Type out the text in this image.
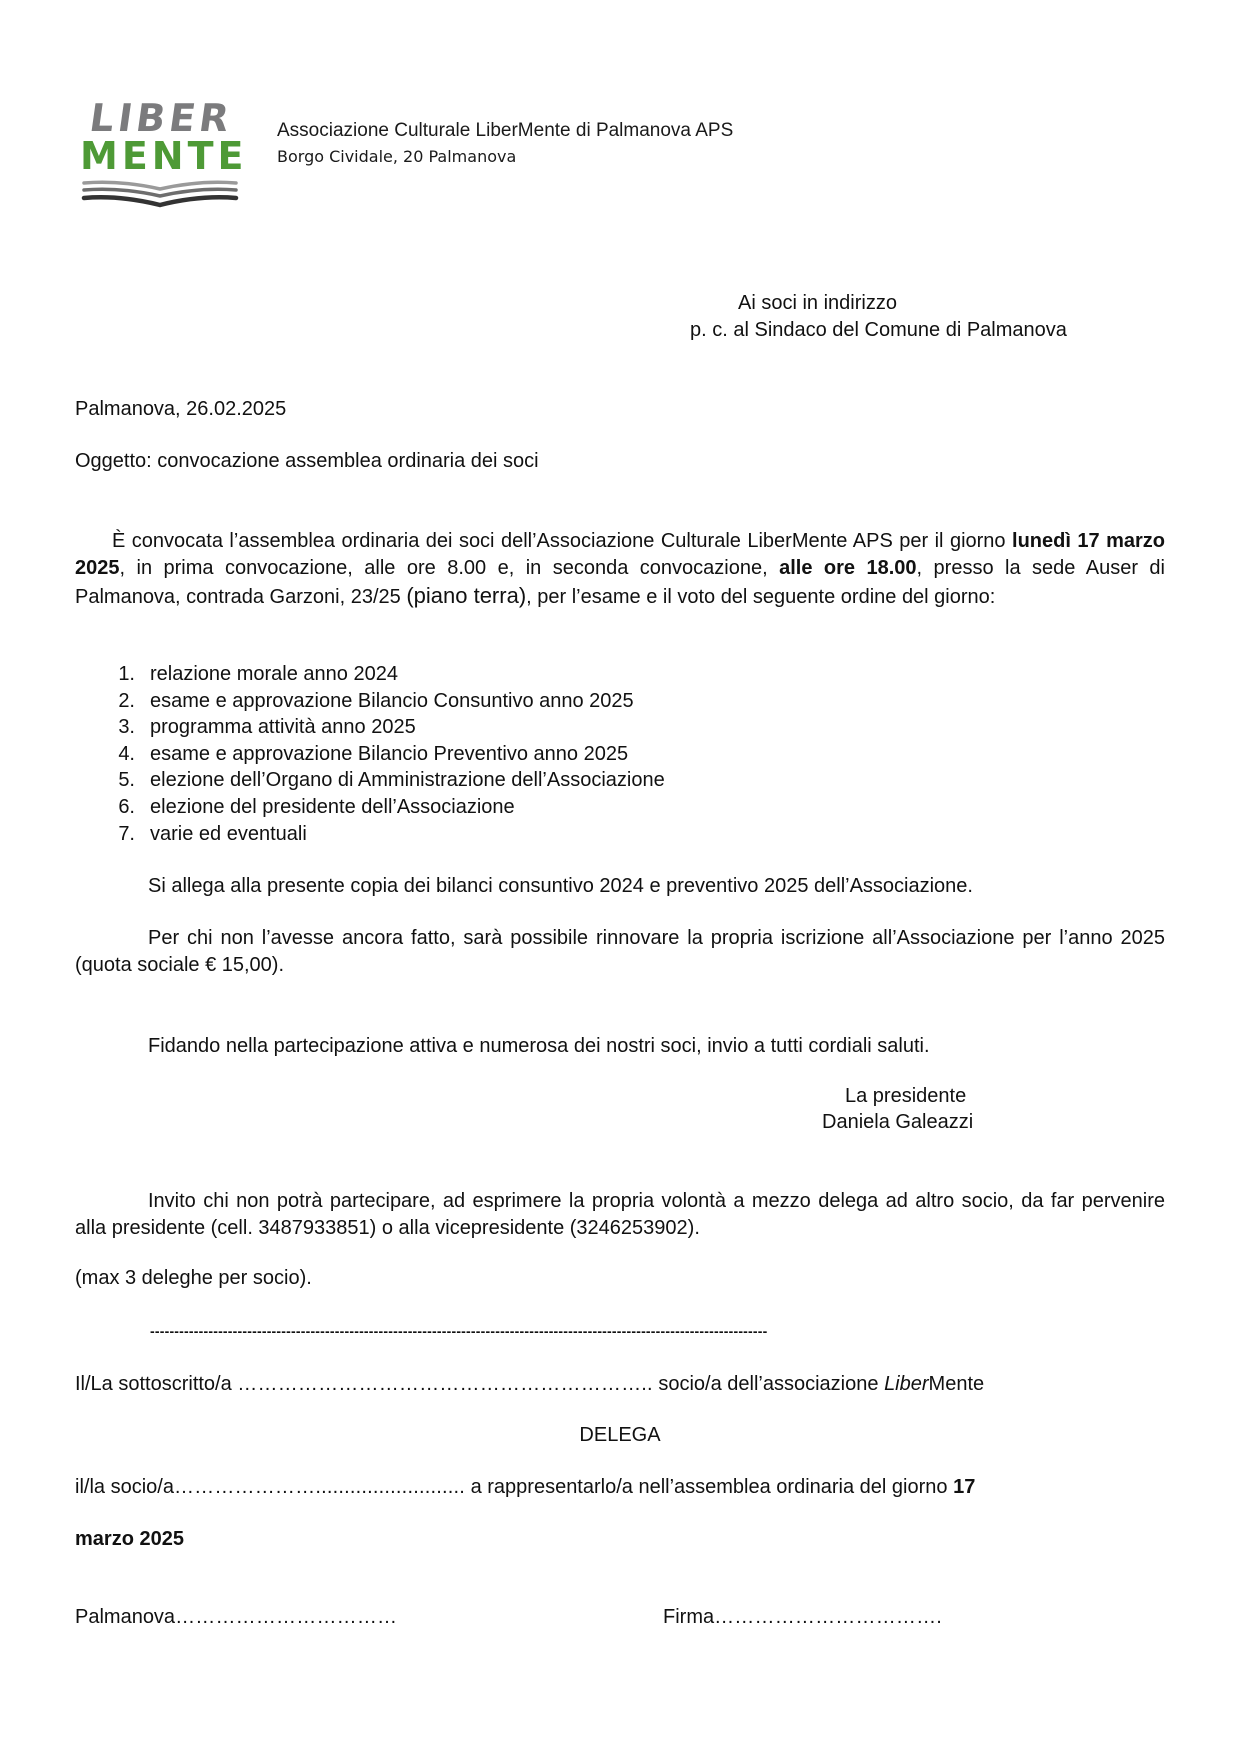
LIBER
MENTE
Associazione Culturale LiberMente di Palmanova APS
Borgo Cividale, 20 Palmanova
Ai soci in indirizzo
p. c. al Sindaco del Comune di Palmanova
Palmanova, 26.02.2025
Oggetto: convocazione assemblea ordinaria dei soci
È convocata l’assemblea ordinaria dei soci dell’Associazione Culturale LiberMente APS per il giorno lunedì 17 marzo 2025, in prima convocazione, alle ore 8.00 e, in seconda convocazione, alle ore 18.00, presso la sede Auser di Palmanova, contrada Garzoni, 23/25 (piano terra), per l’esame e il voto del seguente ordine del giorno:
1. relazione morale anno 2024
2. esame e approvazione Bilancio Consuntivo anno 2025
3. programma attività anno 2025
4. esame e approvazione Bilancio Preventivo anno 2025
5. elezione dell’Organo di Amministrazione dell’Associazione
6. elezione del presidente dell’Associazione
7. varie ed eventuali
Si allega alla presente copia dei bilanci consuntivo 2024 e preventivo 2025 dell’Associazione.
Per chi non l’avesse ancora fatto, sarà possibile rinnovare la propria iscrizione all’Associazione per l’anno 2025 (quota sociale € 15,00).
Fidando nella partecipazione attiva e numerosa dei nostri soci, invio a tutti cordiali saluti.
La presidente
Daniela Galeazzi
Invito chi non potrà partecipare, ad esprimere la propria volontà a mezzo delega ad altro socio, da far pervenire alla presidente (cell. 3487933851) o alla vicepresidente (3246253902).
(max 3 deleghe per socio).
-------------------------------------------------------------------------------------------------------------------------------
Il/La sottoscritto/a …………………………………………………….. socio/a dell’associazione LiberMente
DELEGA
il/la socio/a………………….......................... a rappresentarlo/a nell’assemblea ordinaria del giorno 17
marzo 2025
Palmanova……………………………	Firma…………………………….
